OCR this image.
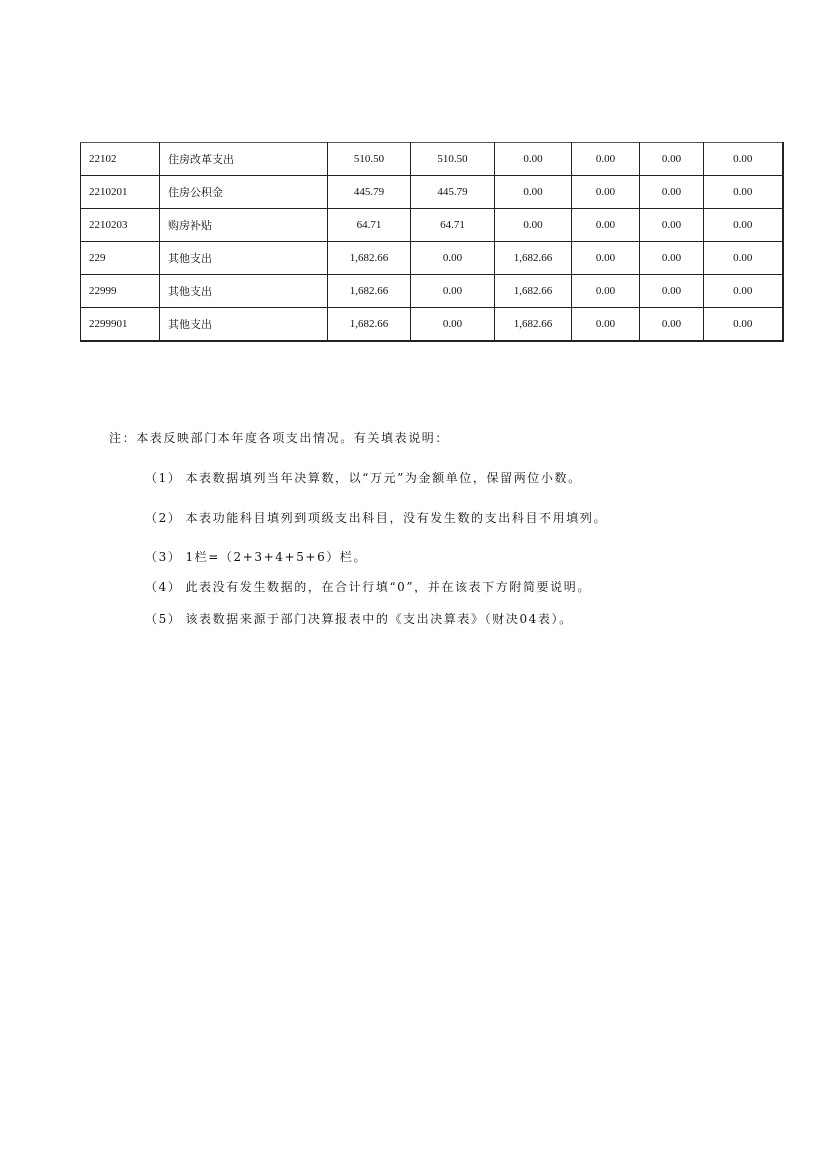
22102	住房改革支出	510.50	510.50	0.00	0.00	0.00	0.00
2210201	住房公积金	445.79	445.79	0.00	0.00	0.00	0.00
2210203	购房补贴	64.71	64.71	0.00	0.00	0.00	0.00
229	其他支出	1,682.66	0.00	1,682.66	0.00	0.00	0.00
22999	其他支出	1,682.66	0.00	1,682.66	0.00	0.00	0.00
2299901	其他支出	1,682.66	0.00	1,682.66	0.00	0.00	0.00
注：本表反映部门本年度各项支出情况。有关填表说明：
（1） 本表数据填列当年决算数，以“万元”为金额单位，保留两位小数。
（2） 本表功能科目填列到项级支出科目，没有发生数的支出科目不用填列。
（3） 1栏=（2+3+4+5+6）栏。
（4） 此表没有发生数据的，在合计行填“0”，并在该表下方附简要说明。
（5） 该表数据来源于部门决算报表中的《支出决算表》（财决04表）。
